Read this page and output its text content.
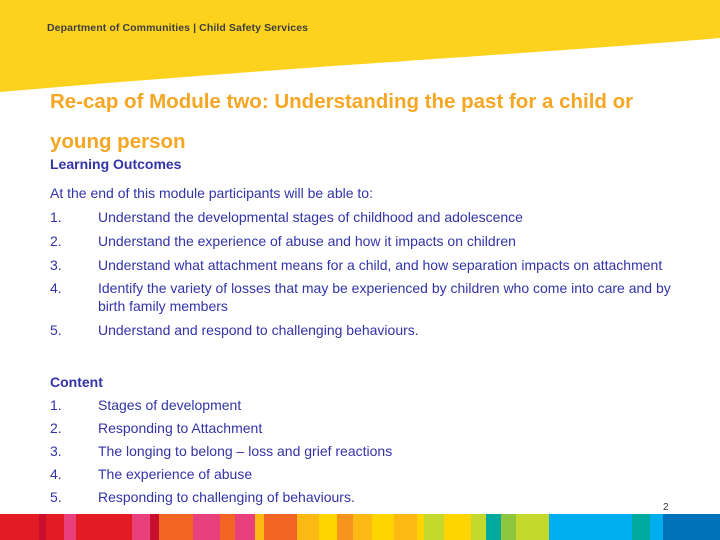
Department of Communities | Child Safety Services
Re-cap of Module two: Understanding the past for a child or young person
Learning Outcomes

At the end of this module participants will be able to:

1.	Understand the developmental stages of childhood and adolescence
2.	Understand the experience of abuse and how it impacts on children
3.	Understand what attachment means for a child, and how separation impacts on attachment
4.	Identify the variety of losses that may be experienced by children who come into care and by birth family members
5.	Understand and respond to challenging behaviours.
Content
1.	Stages of development
2.	Responding to Attachment
3.	The longing to belong – loss and grief reactions
4.	The experience of abuse
5.	Responding to challenging of behaviours.
2
